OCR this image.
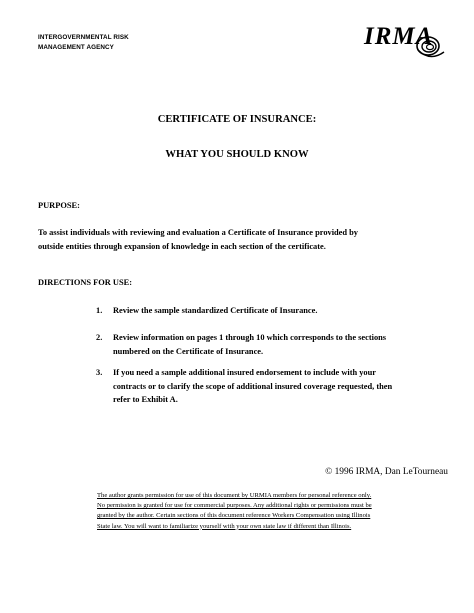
INTERGOVERNMENTAL RISK
MANAGEMENT AGENCY	IRMA
CERTIFICATE OF INSURANCE:
WHAT YOU SHOULD KNOW
PURPOSE:
To assist individuals with reviewing and evaluation a Certificate of Insurance provided by
outside entities through expansion of knowledge in each section of the certificate.
DIRECTIONS FOR USE:
1. Review the sample standardized Certificate of Insurance.
2. Review information on pages 1 through 10 which corresponds to the sections
numbered on the Certificate of Insurance.
3. If you need a sample additional insured endorsement to include with your
contracts or to clarify the scope of additional insured coverage requested, then
refer to Exhibit A.
© 1996 IRMA, Dan LeTourneau
The author grants permission for use of this document by URMIA members for personal reference only.
No permission is granted for use for commercial purposes. Any additional rights or permissions must be
granted by the author. Certain sections of this document reference Workers Compensation using Illinois
State law. You will want to familiarize yourself with your own state law if different than Illinois.
